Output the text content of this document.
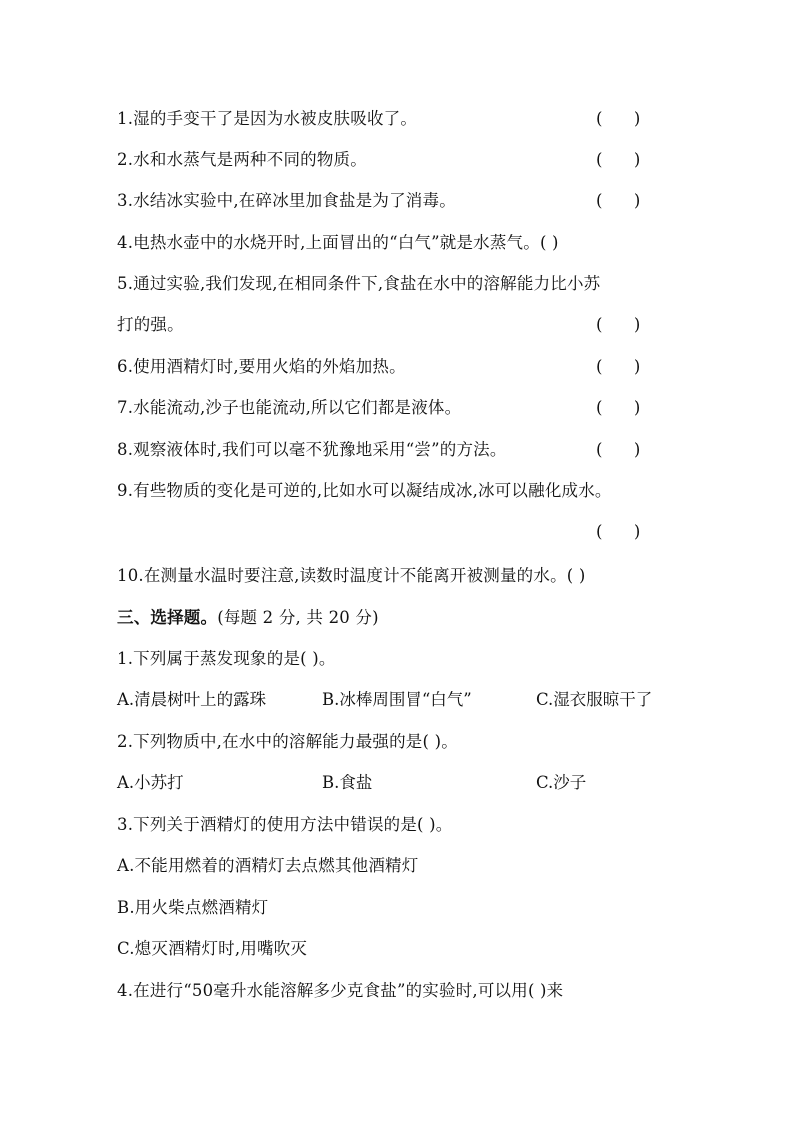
1.湿的手变干了是因为水被皮肤吸收了。	(      )
2.水和水蒸气是两种不同的物质。	(      )
3.水结冰实验中,在碎冰里加食盐是为了消毒。	(      )
4.电热水壶中的水烧开时,上面冒出的“白气”就是水蒸气。( )
5.通过实验,我们发现,在相同条件下,食盐在水中的溶解能力比小苏
打的强。	(      )
6.使用酒精灯时,要用火焰的外焰加热。	(      )
7.水能流动,沙子也能流动,所以它们都是液体。	(      )
8.观察液体时,我们可以毫不犹豫地采用“尝”的方法。	(      )
9.有些物质的变化是可逆的,比如水可以凝结成冰,冰可以融化成水。
(      )
10.在测量水温时要注意,读数时温度计不能离开被测量的水。( )
三、选择题。(每题 2 分, 共 20 分)
1.下列属于蒸发现象的是( )。
A.清晨树叶上的露珠	B.冰棒周围冒“白气”	C.湿衣服晾干了
2.下列物质中,在水中的溶解能力最强的是( )。
A.小苏打	B.食盐	C.沙子
3.下列关于酒精灯的使用方法中错误的是( )。
A.不能用燃着的酒精灯去点燃其他酒精灯
B.用火柴点燃酒精灯
C.熄灭酒精灯时,用嘴吹灭
4.在进行“50毫升水能溶解多少克食盐”的实验时,可以用( )来
